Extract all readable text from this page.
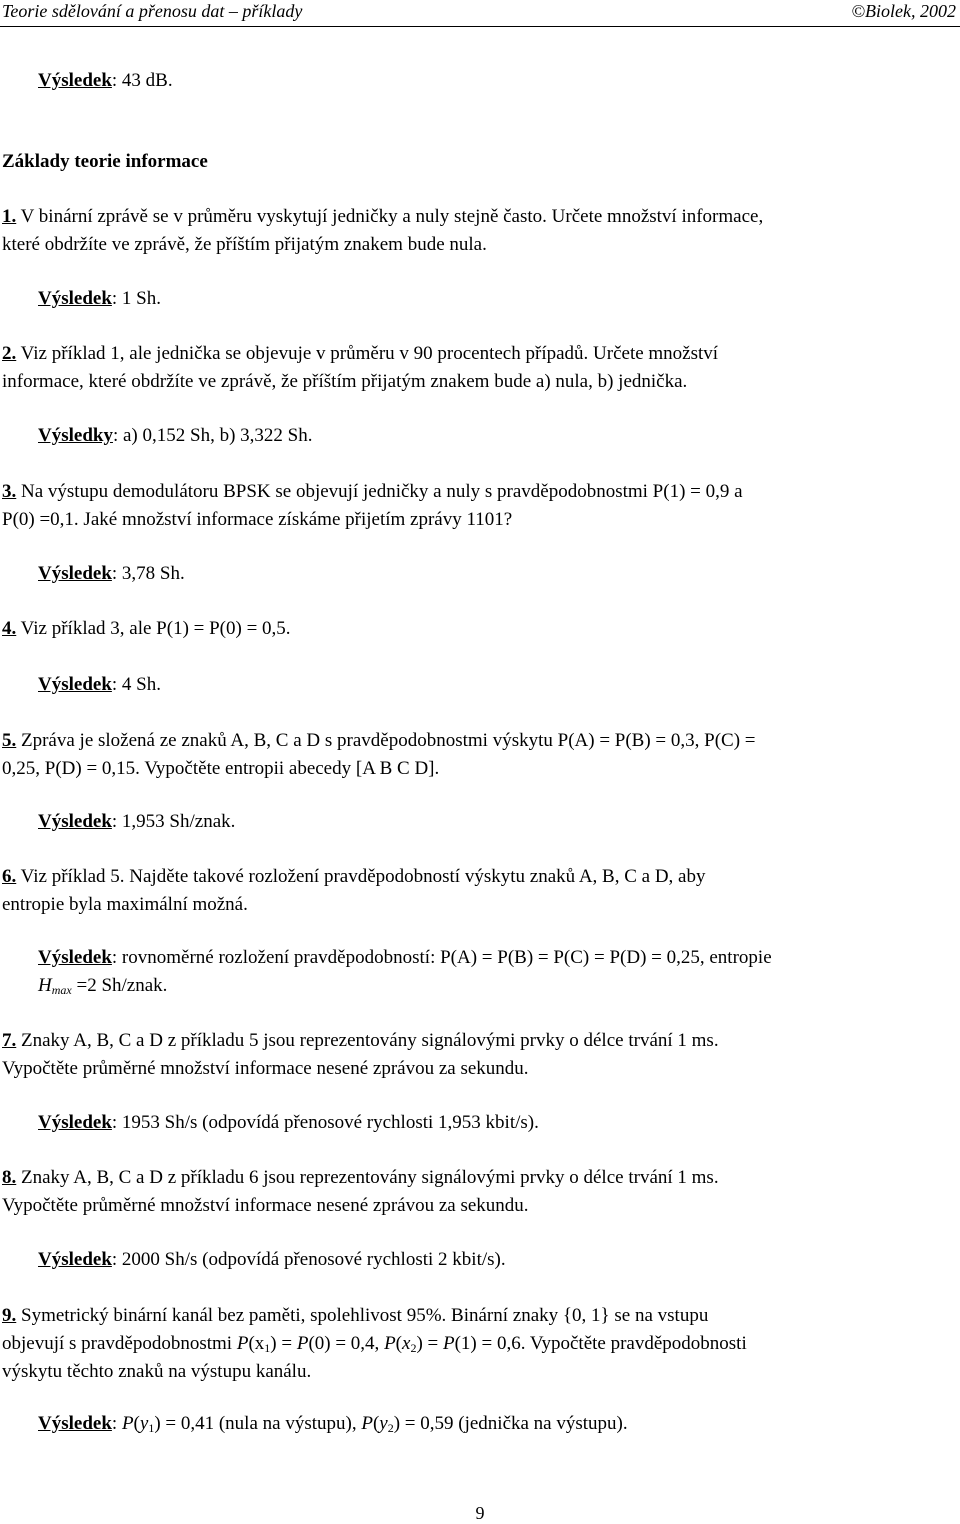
Teorie sdělování a přenosu dat – příklady	©Biolek, 2002
Výsledek: 43 dB.
Základy teorie informace
1. V binární zprávě se v průměru vyskytují jedničky a nuly stejně často. Určete množství informace,
které obdržíte ve zprávě, že příštím přijatým znakem bude nula.
Výsledek: 1 Sh.
2. Viz příklad 1, ale jednička se objevuje v průměru v 90 procentech případů. Určete množství
informace, které obdržíte ve zprávě, že příštím přijatým znakem bude a) nula, b) jednička.
Výsledky: a) 0,152 Sh, b) 3,322 Sh.
3. Na výstupu demodulátoru BPSK se objevují jedničky a nuly s pravděpodobnostmi P(1) = 0,9 a
P(0) =0,1. Jaké množství informace získáme přijetím zprávy 1101?
Výsledek: 3,78 Sh.
4. Viz příklad 3, ale P(1) = P(0) = 0,5.
Výsledek: 4 Sh.
5. Zpráva je složená ze znaků A, B, C a D s pravděpodobnostmi výskytu P(A) = P(B) = 0,3, P(C) =
0,25, P(D) = 0,15. Vypočtěte entropii abecedy [A B C D].
Výsledek: 1,953 Sh/znak.
6. Viz příklad 5. Najděte takové rozložení pravděpodobností výskytu znaků A, B, C a D, aby
entropie byla maximální možná.
Výsledek: rovnoměrné rozložení pravděpodobností: P(A) = P(B) = P(C) = P(D) = 0,25, entropie
$H_{max} =2$ Sh/znak.
7. Znaky A, B, C a D z příkladu 5 jsou reprezentovány signálovými prvky o délce trvání 1 ms.
Vypočtěte průměrné množství informace nesené zprávou za sekundu.
Výsledek: 1953 Sh/s (odpovídá přenosové rychlosti 1,953 kbit/s).
8. Znaky A, B, C a D z příkladu 6 jsou reprezentovány signálovými prvky o délce trvání 1 ms.
Vypočtěte průměrné množství informace nesené zprávou za sekundu.
Výsledek: 2000 Sh/s (odpovídá přenosové rychlosti 2 kbit/s).
9. Symetrický binární kanál bez paměti, spolehlivost 95%. Binární znaky {0, 1} se na vstupu
objevují s pravděpodobnostmi $P(x_1) = P(0) = 0,4$, $P(x_2) = P(1) = 0,6$. Vypočtěte pravděpodobnosti
výskytu těchto znaků na výstupu kanálu.
Výsledek: $P(y_1) = 0,41$ (nula na výstupu), $P(y_2) = 0,59$ (jednička na výstupu).
9
